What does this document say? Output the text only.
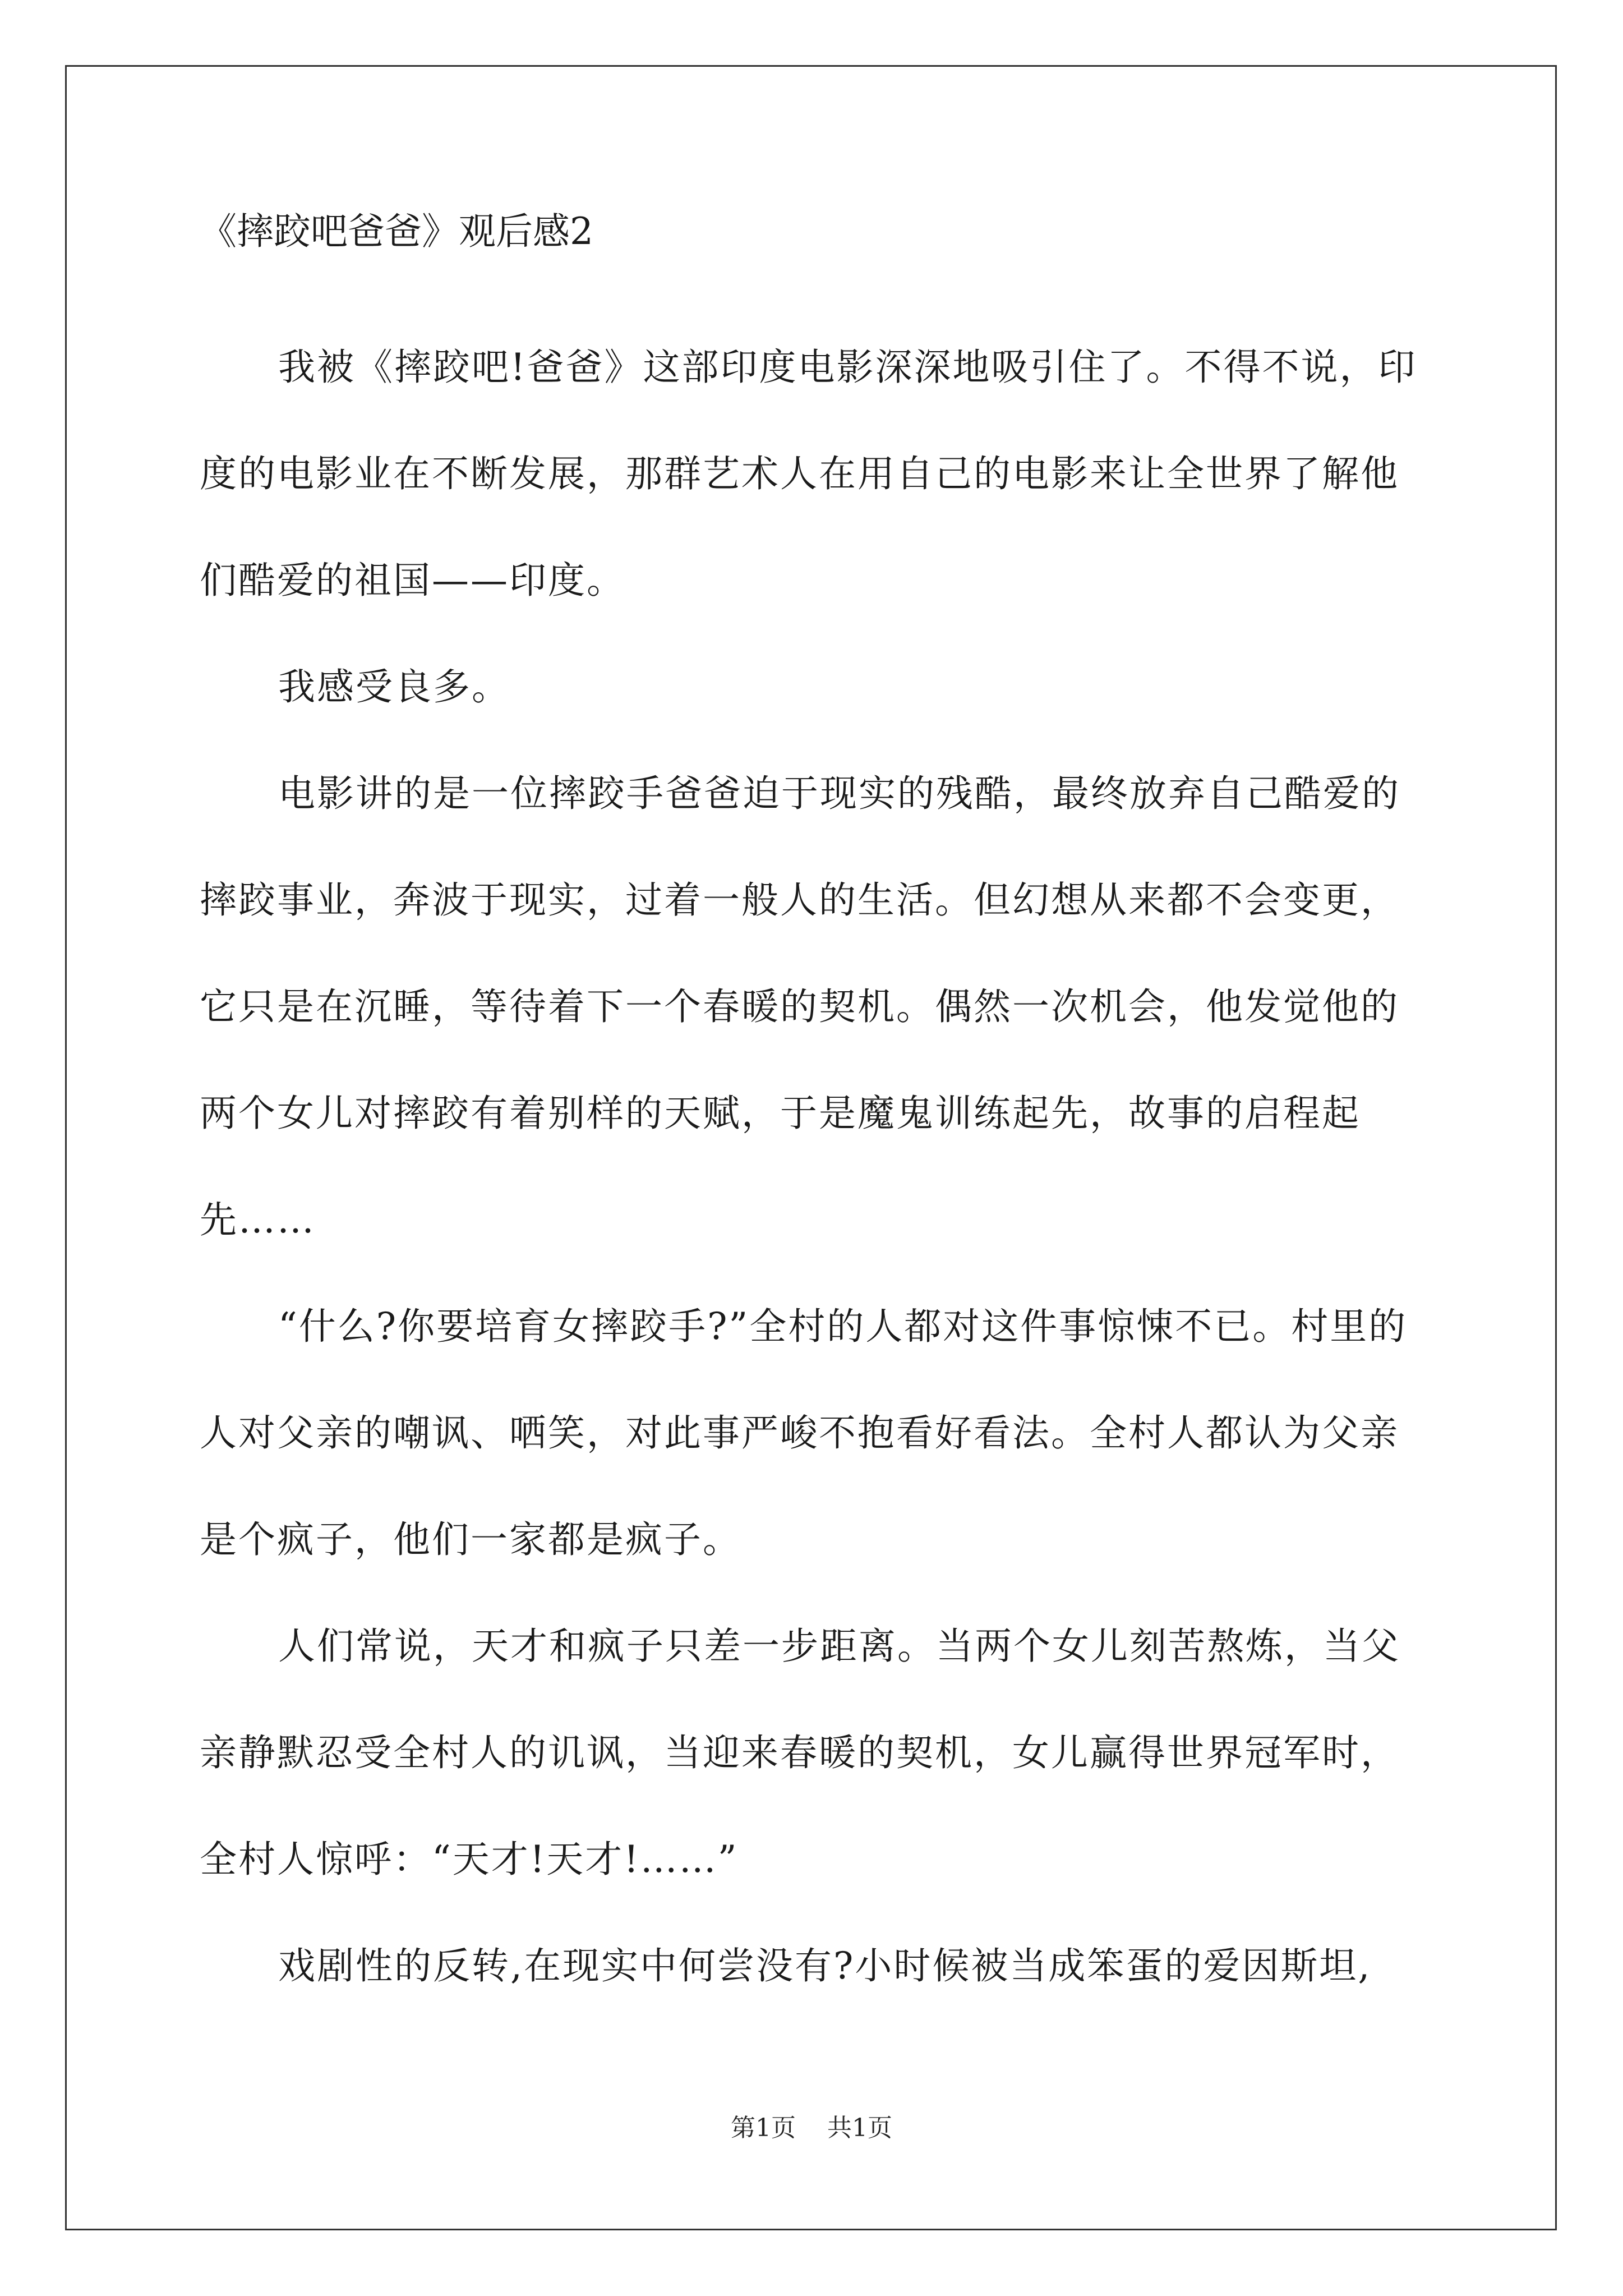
《摔跤吧爸爸》观后感2

我被《摔跤吧!爸爸》这部印度电影深深地吸引住了。不得不说，印度的电影业在不断发展，那群艺术人在用自己的电影来让全世界了解他们酷爱的祖国——印度。

我感受良多。

电影讲的是一位摔跤手爸爸迫于现实的残酷，最终放弃自己酷爱的摔跤事业，奔波于现实，过着一般人的生活。但幻想从来都不会变更，它只是在沉睡，等待着下一个春暖的契机。偶然一次机会，他发觉他的两个女儿对摔跤有着别样的天赋，于是魔鬼训练起先，故事的启程起先……

“什么?你要培育女摔跤手?”全村的人都对这件事惊悚不已。村里的人对父亲的嘲讽、哂笑，对此事严峻不抱看好看法。全村人都认为父亲是个疯子，他们一家都是疯子。

人们常说，天才和疯子只差一步距离。当两个女儿刻苦熬炼，当父亲静默忍受全村人的讥讽，当迎来春暖的契机，女儿赢得世界冠军时，全村人惊呼：“天才!天才!……”

戏剧性的反转,在现实中何尝没有?小时候被当成笨蛋的爱因斯坦,

第1页 共1页
